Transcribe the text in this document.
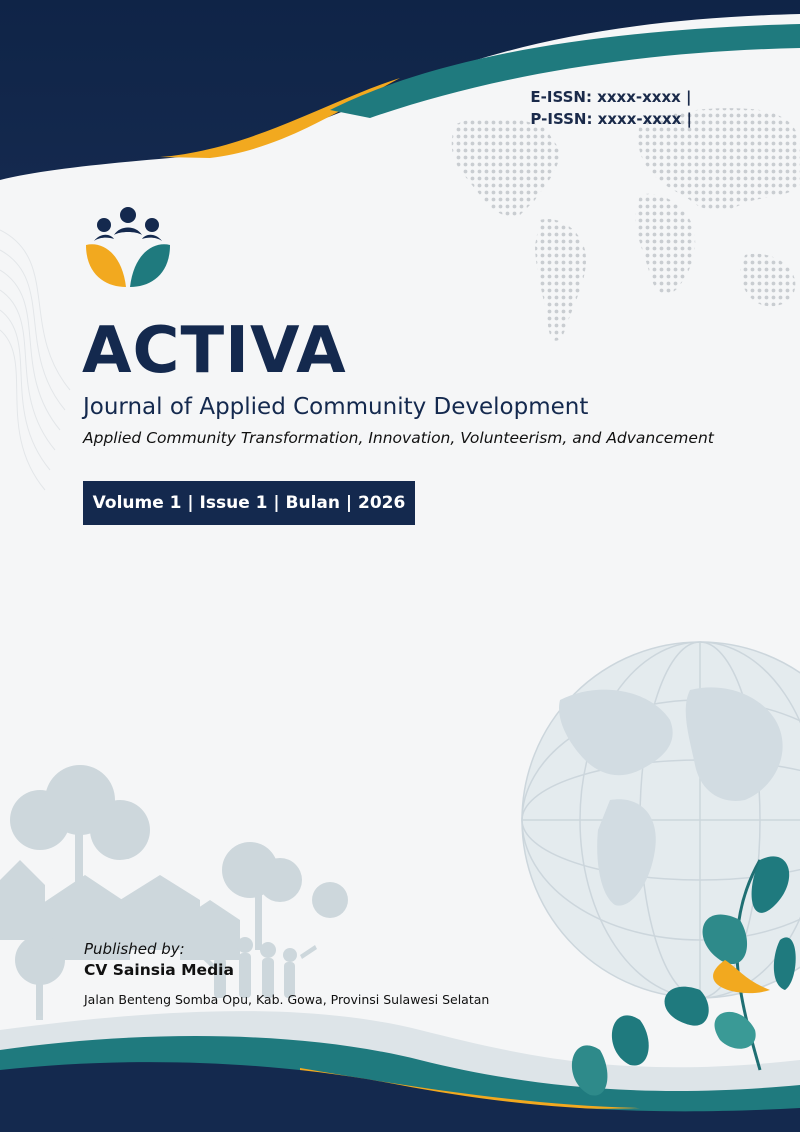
E-ISSN: xxxx-xxxx |
P-ISSN: xxxx-xxxx |
ACTIVA
Journal of Applied Community Development
Applied Community Transformation, Innovation, Volunteerism, and Advancement
Volume 1 | Issue 1 | Bulan | 2026
Published by:
CV Sainsia Media
Jalan Benteng Somba Opu, Kab. Gowa, Provinsi Sulawesi Selatan
